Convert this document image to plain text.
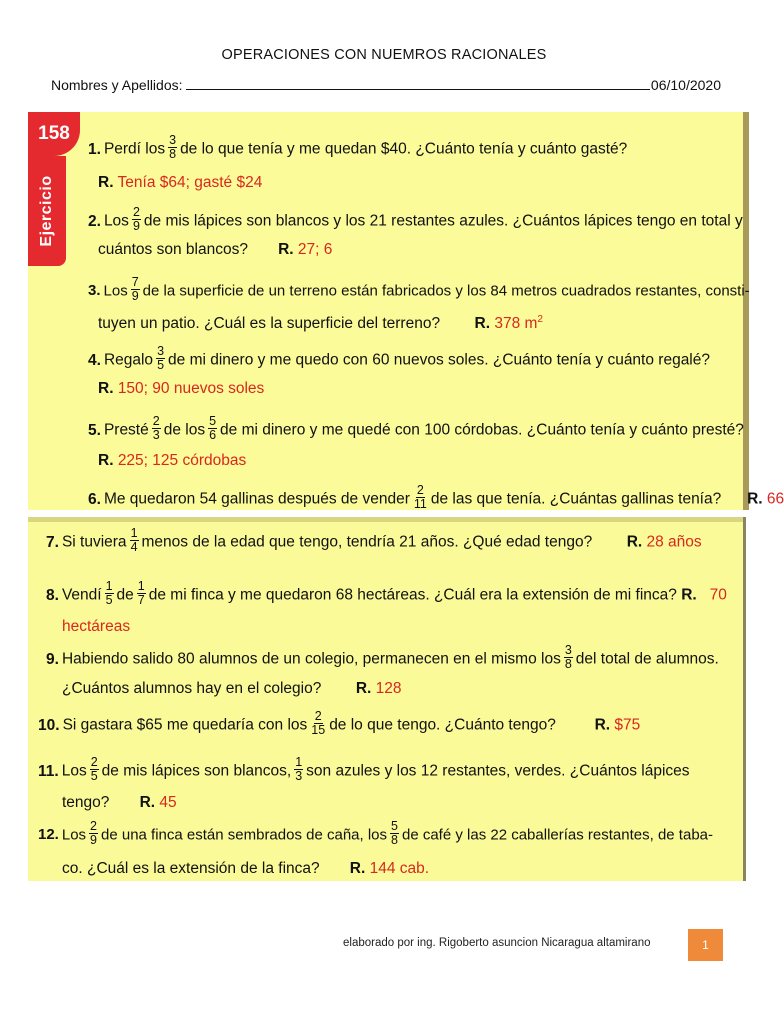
OPERACIONES CON NUEMROS RACIONALES
Nombres y Apellidos:	06/10/2020
158
Ejercicio
1. Perdí los $\frac{3}{8}$ de lo que tenía y me quedan $40. ¿Cuánto tenía y cuánto gasté?
R. Tenía $64; gasté $24
2. Los $\frac{2}{9}$ de mis lápices son blancos y los 21 restantes azules. ¿Cuántos lápices tengo en total y
cuántos son blancos? R. 27; 6
3. Los $\frac{7}{9}$ de la superficie de un terreno están fabricados y los 84 metros cuadrados restantes, consti-
tuyen un patio. ¿Cuál es la superficie del terreno? R. 378 $m^2$
4. Regalo $\frac{3}{5}$ de mi dinero y me quedo con 60 nuevos soles. ¿Cuánto tenía y cuánto regalé?
R. 150; 90 nuevos soles
5. Presté $\frac{2}{3}$ de los $\frac{5}{6}$ de mi dinero y me quedé con 100 córdobas. ¿Cuánto tenía y cuánto presté?
R. 225; 125 córdobas
6. Me quedaron 54 gallinas después de vender $\frac{2}{11}$ de las que tenía. ¿Cuántas gallinas tenía? R. 66
7. Si tuviera $\frac{1}{4}$ menos de la edad que tengo, tendría 21 años. ¿Qué edad tengo? R. 28 años
8. Vendí $\frac{1}{5}$ de $\frac{1}{7}$ de mi finca y me quedaron 68 hectáreas. ¿Cuál era la extensión de mi finca? R. 70
hectáreas
9. Habiendo salido 80 alumnos de un colegio, permanecen en el mismo los $\frac{3}{8}$ del total de alumnos.
¿Cuántos alumnos hay en el colegio? R. 128
10. Si gastara $65 me quedaría con los $\frac{2}{15}$ de lo que tengo. ¿Cuánto tengo?	R. $75
11. Los $\frac{2}{5}$ de mis lápices son blancos, $\frac{1}{3}$ son azules y los 12 restantes, verdes. ¿Cuántos lápices
tengo? R. 45
12. Los $\frac{2}{9}$ de una finca están sembrados de caña, los $\frac{5}{8}$ de café y las 22 caballerías restantes, de taba-
co. ¿Cuál es la extensión de la finca? R. 144 cab.
elaborado por ing. Rigoberto asuncion Nicaragua altamirano	1
